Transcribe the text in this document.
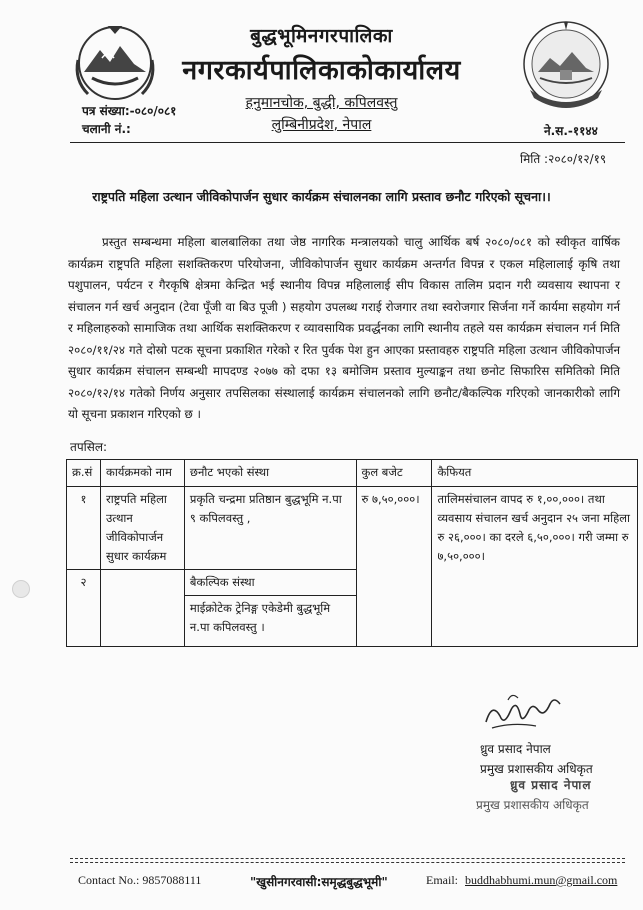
बुद्धभूमिनगरपालिका
नगरकार्यपालिकाकोकार्यालय
हनुमानचोक, बुद्धी, कपिलवस्तु
लुम्बिनीप्रदेश, नेपाल
पत्र संख्या:-०८०/०८१
चलानी नं.:	ने.स.-११४४
मिति :२०८०/१२/१९
राष्ट्रपति महिला उत्थान जीविकोपार्जन सुधार कार्यक्रम संचालनका लागि प्रस्ताव छनौट गरिएको सूचना।।
प्रस्तुत सम्बन्धमा महिला बालबालिका तथा जेष्ठ नागरिक मन्त्रालयको चालु आर्थिक बर्ष २०८०/०८१ को स्वीकृत वार्षिक कार्यक्रम राष्ट्रपति महिला सशक्तिकरण परियोजना, जीविकोपार्जन सुधार कार्यक्रम अन्तर्गत विपन्न र एकल महिलालाई कृषि तथा पशुपालन, पर्यटन र गैरकृषि क्षेत्रमा केन्द्रित भई स्थानीय विपन्न महिलालाई सीप विकास तालिम प्रदान गरी व्यवसाय स्थापना र संचालन गर्न खर्च अनुदान (टेवा पूँजी वा बिउ पूजी ) सहयोग उपलब्ध गराई रोजगार तथा स्वरोजगार सिर्जना गर्ने कार्यमा सहयोग गर्न र महिलाहरुको सामाजिक तथा आर्थिक सशक्तिकरण र व्यावसायिक प्रवर्द्धनका लागि स्थानीय तहले यस कार्यक्रम संचालन गर्न मिति २०८०/११/२४ गते दोस्रो पटक सूचना प्रकाशित गरेको र रित पुर्वक पेश हुन आएका प्रस्तावहरु राष्ट्रपति महिला उत्थान जीविकोपार्जन सुधार कार्यक्रम संचालन सम्बन्धी मापदण्ड २०७७ को दफा १३ बमोजिम प्रस्ताव मुल्याङ्कन तथा छनोट सिफारिस समितिको मिति २०८०/१२/१४ गतेको निर्णय अनुसार तपसिलका संस्थालाई कार्यक्रम संचालनको लागि छनौट/बैकल्पिक गरिएको जानकारीको लागि यो सूचना प्रकाशन गरिएको छ ।
तपसिल:
क्र.सं	कार्यक्रमको नाम	छनौट भएको संस्था	कुल बजेट	कैफियत
१	राष्ट्रपति महिला उत्थान जीविकोपार्जन सुधार कार्यक्रम	प्रकृति चन्द्रमा प्रतिष्ठान बुद्धभूमि न.पा ९ कपिलवस्तु ,	रु ७,५०,०००।	तालिमसंचालन वापद रु १,००,०००। तथा व्यवसाय संचालन खर्च अनुदान २५ जना महिला रु २६,०००। का दरले ६,५०,०००। गरी जम्मा रु ७,५०,०००।
२		बैकल्पिक संस्था
माईक्रोटेक ट्रेनिङ्ग एकेडेमी बुद्धभूमि न.पा कपिलवस्तु ।		
ध्रुव प्रसाद नेपाल
प्रमुख प्रशासकीय अधिकृत
ध्रुव प्रसाद नेपाल
प्रमुख प्रशासकीय अधिकृत
Contact No.: 9857088111	"खुसीनगरवासी:समृद्धबुद्धभूमी"	Email: buddhabhumi.mun@gmail.com
